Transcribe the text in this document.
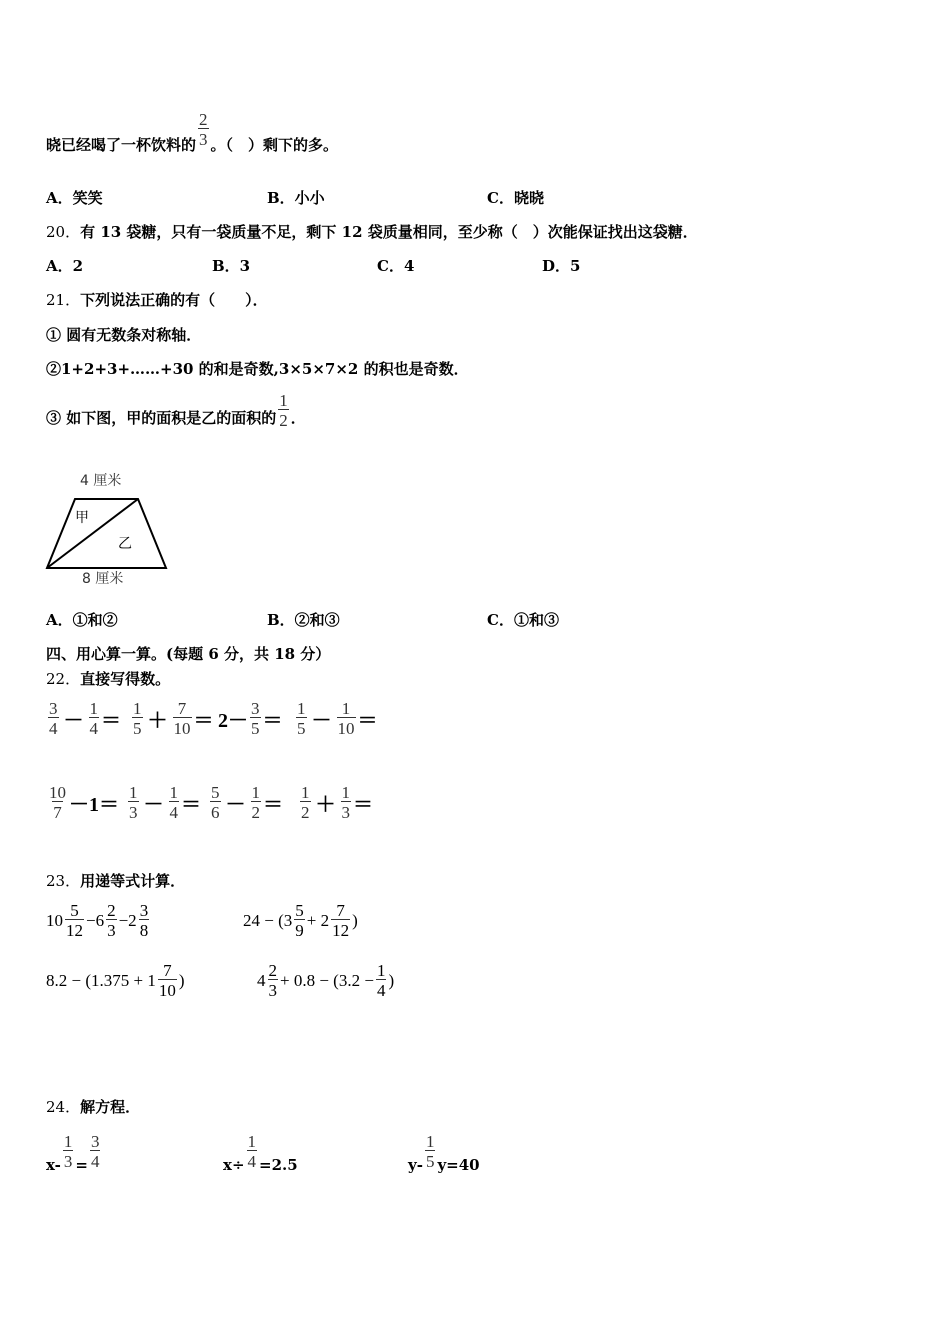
晓已经喝了一杯饮料的 $\frac{2}{3}$ 。（　）剩下的多。
A．笑笑	B．小小	C．晓晓
20．有 13 袋糖，只有一袋质量不足，剩下 12 袋质量相同，至少称（　）次能保证找出这袋糖．
A．2	B．3	C．4	D．5
21．下列说法正确的有（　　）．
① 圆有无数条对称轴．
②1+2+3+……+30 的和是奇数,3×5×7×2 的积也是奇数．
③ 如下图，甲的面积是乙的面积的 $\frac{1}{2}$ ．
4 厘米
甲
乙
8 厘米
A．①和②	B．②和③	C．①和③
四、用心算一算。(每题 6 分，共 18 分）
22．直接写得数。
$\frac{3}{4} - \frac{1}{4} = \frac{1}{5} + \frac{7}{10} = 2- \frac{3}{5} = \frac{1}{5} - \frac{1}{10}$ ＝
$\frac{10}{7} -1= \frac{1}{3} - \frac{1}{4} = \frac{5}{6} - \frac{1}{2} = \frac{1}{2} + \frac{1}{3}$ ＝
23．用递等式计算．
$10 \frac{5}{12} -6 \frac{2}{3} -2 \frac{3}{8}$	$24 - (3 \frac{5}{9} + 2 \frac{7}{12}$ )
$8.2 - (1.375 + 1 \frac{7}{10}$ )	$4 \frac{2}{3} + 0.8 - (3.2 - \frac{1}{4}$ )
24．解方程．
$x- \frac{1}{3} = \frac{3}{4}$	$x\div \frac{1}{4} =2.5$	$y- \frac{1}{5} y=40$
